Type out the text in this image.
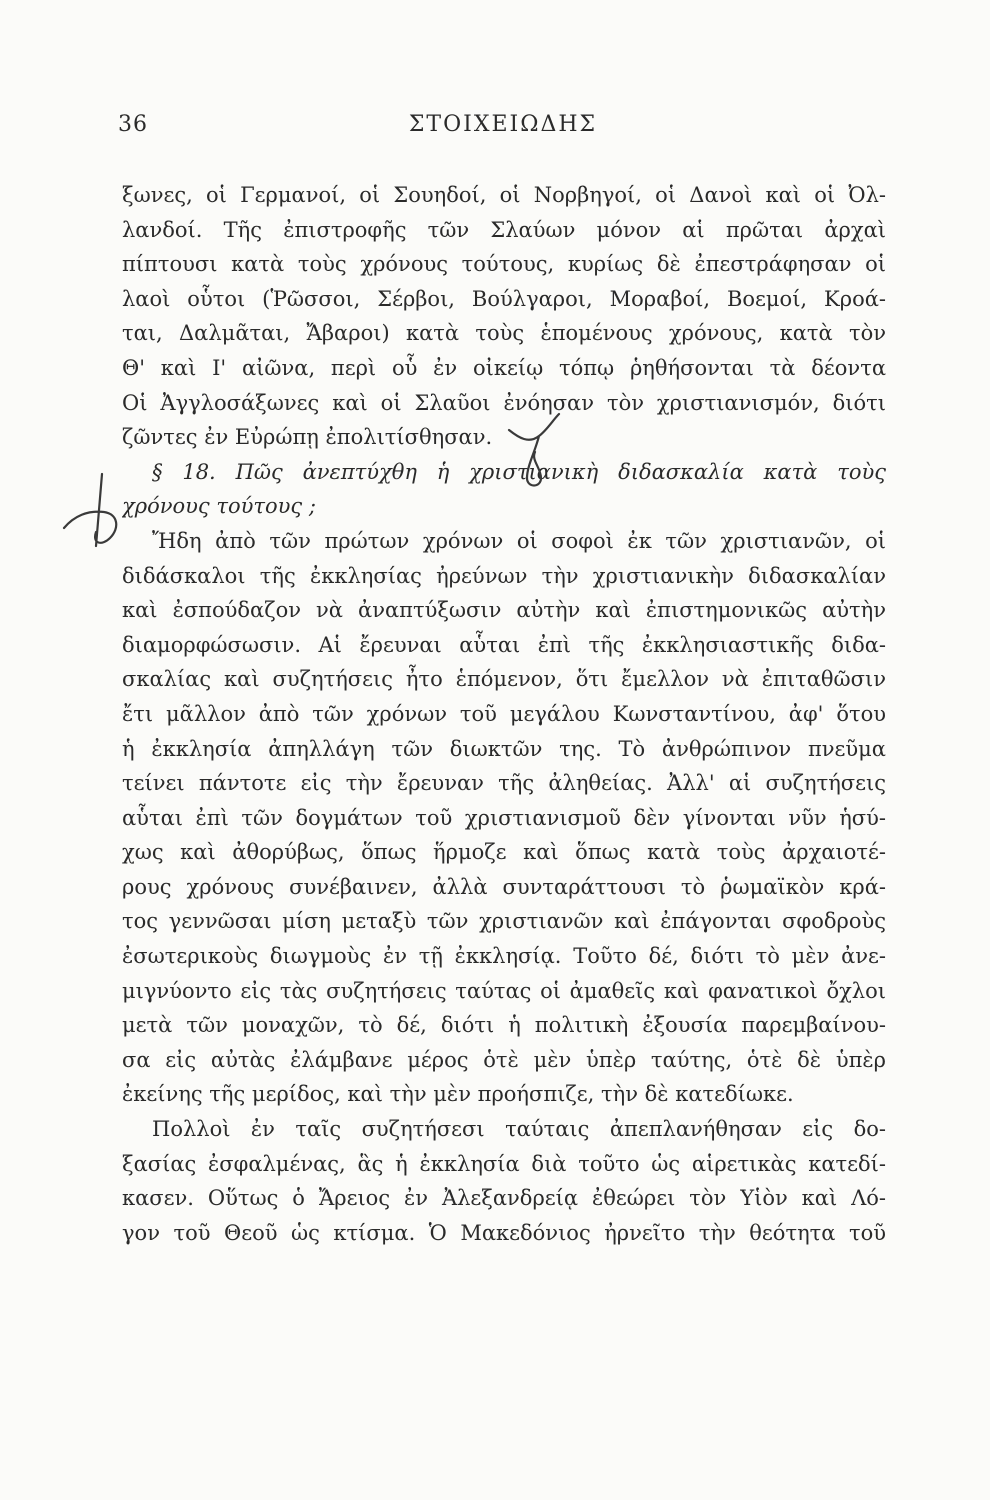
36	ΣΤΟΙΧΕΙΩΔΗΣ
ξωνες, οἱ Γερμανοί, οἱ Σουηδοί, οἱ Νορβηγοί, οἱ Δανοὶ καὶ οἱ Ὀλ-
λανδοί. Τῆς ἐπιστροφῆς τῶν Σλαύων μόνον αἱ πρῶται ἀρχαὶ
πίπτουσι κατὰ τοὺς χρόνους τούτους, κυρίως δὲ ἐπεστράφησαν οἱ
λαοὶ οὗτοι (Ῥῶσσοι, Σέρβοι, Βούλγαροι, Μοραβοί, Βοεμοί, Κροά-
ται, Δαλμᾶται, Ἄβαροι) κατὰ τοὺς ἑπομένους χρόνους, κατὰ τὸν
Θ' καὶ Ι' αἰῶνα, περὶ οὗ ἐν οἰκείῳ τόπῳ ῥηθήσονται τὰ δέοντα
Οἱ Ἀγγλοσάξωνες καὶ οἱ Σλαῦοι ἐνόησαν τὸν χριστιανισμόν, διότι
ζῶντες ἐν Εὐρώπῃ ἐπολιτίσθησαν.
§ 18. Πῶς ἀνεπτύχθη ἡ χριστιανικὴ διδασκαλία κατὰ τοὺς
χρόνους τούτους ;
Ἤδη ἀπὸ τῶν πρώτων χρόνων οἱ σοφοὶ ἐκ τῶν χριστιανῶν, οἱ
διδάσκαλοι τῆς ἐκκλησίας ἠρεύνων τὴν χριστιανικὴν διδασκαλίαν
καὶ ἐσπούδαζον νὰ ἀναπτύξωσιν αὐτὴν καὶ ἐπιστημονικῶς αὐτὴν
διαμορφώσωσιν. Αἱ ἔρευναι αὗται ἐπὶ τῆς ἐκκλησιαστικῆς διδα-
σκαλίας καὶ συζητήσεις ἦτο ἑπόμενον, ὅτι ἔμελλον νὰ ἐπιταθῶσιν
ἔτι μᾶλλον ἀπὸ τῶν χρόνων τοῦ μεγάλου Κωνσταντίνου, ἀφ' ὅτου
ἡ ἐκκλησία ἀπηλλάγη τῶν διωκτῶν της. Τὸ ἀνθρώπινον πνεῦμα
τείνει πάντοτε εἰς τὴν ἔρευναν τῆς ἀληθείας. Ἀλλ' αἱ συζητήσεις
αὗται ἐπὶ τῶν δογμάτων τοῦ χριστιανισμοῦ δὲν γίνονται νῦν ἡσύ-
χως καὶ ἀθορύβως, ὅπως ἥρμοζε καὶ ὅπως κατὰ τοὺς ἀρχαιοτέ-
ρους χρόνους συνέβαινεν, ἀλλὰ συνταράττουσι τὸ ῥωμαϊκὸν κρά-
τος γεννῶσαι μίση μεταξὺ τῶν χριστιανῶν καὶ ἐπάγονται σφοδροὺς
ἐσωτερικοὺς διωγμοὺς ἐν τῇ ἐκκλησίᾳ. Τοῦτο δέ, διότι τὸ μὲν ἀνε-
μιγνύοντο εἰς τὰς συζητήσεις ταύτας οἱ ἀμαθεῖς καὶ φανατικοὶ ὄχλοι
μετὰ τῶν μοναχῶν, τὸ δέ, διότι ἡ πολιτικὴ ἐξουσία παρεμβαίνου-
σα εἰς αὐτὰς ἐλάμβανε μέρος ὁτὲ μὲν ὑπὲρ ταύτης, ὁτὲ δὲ ὑπὲρ
ἐκείνης τῆς μερίδος, καὶ τὴν μὲν προήσπιζε, τὴν δὲ κατεδίωκε.
Πολλοὶ ἐν ταῖς συζητήσεσι ταύταις ἀπεπλανήθησαν εἰς δο-
ξασίας ἐσφαλμένας, ἃς ἡ ἐκκλησία διὰ τοῦτο ὡς αἱρετικὰς κατεδί-
κασεν. Οὕτως ὁ Ἄρειος ἐν Ἀλεξανδρείᾳ ἐθεώρει τὸν Υἱὸν καὶ Λό-
γον τοῦ Θεοῦ ὡς κτίσμα. Ὁ Μακεδόνιος ἠρνεῖτο τὴν θεότητα τοῦ
